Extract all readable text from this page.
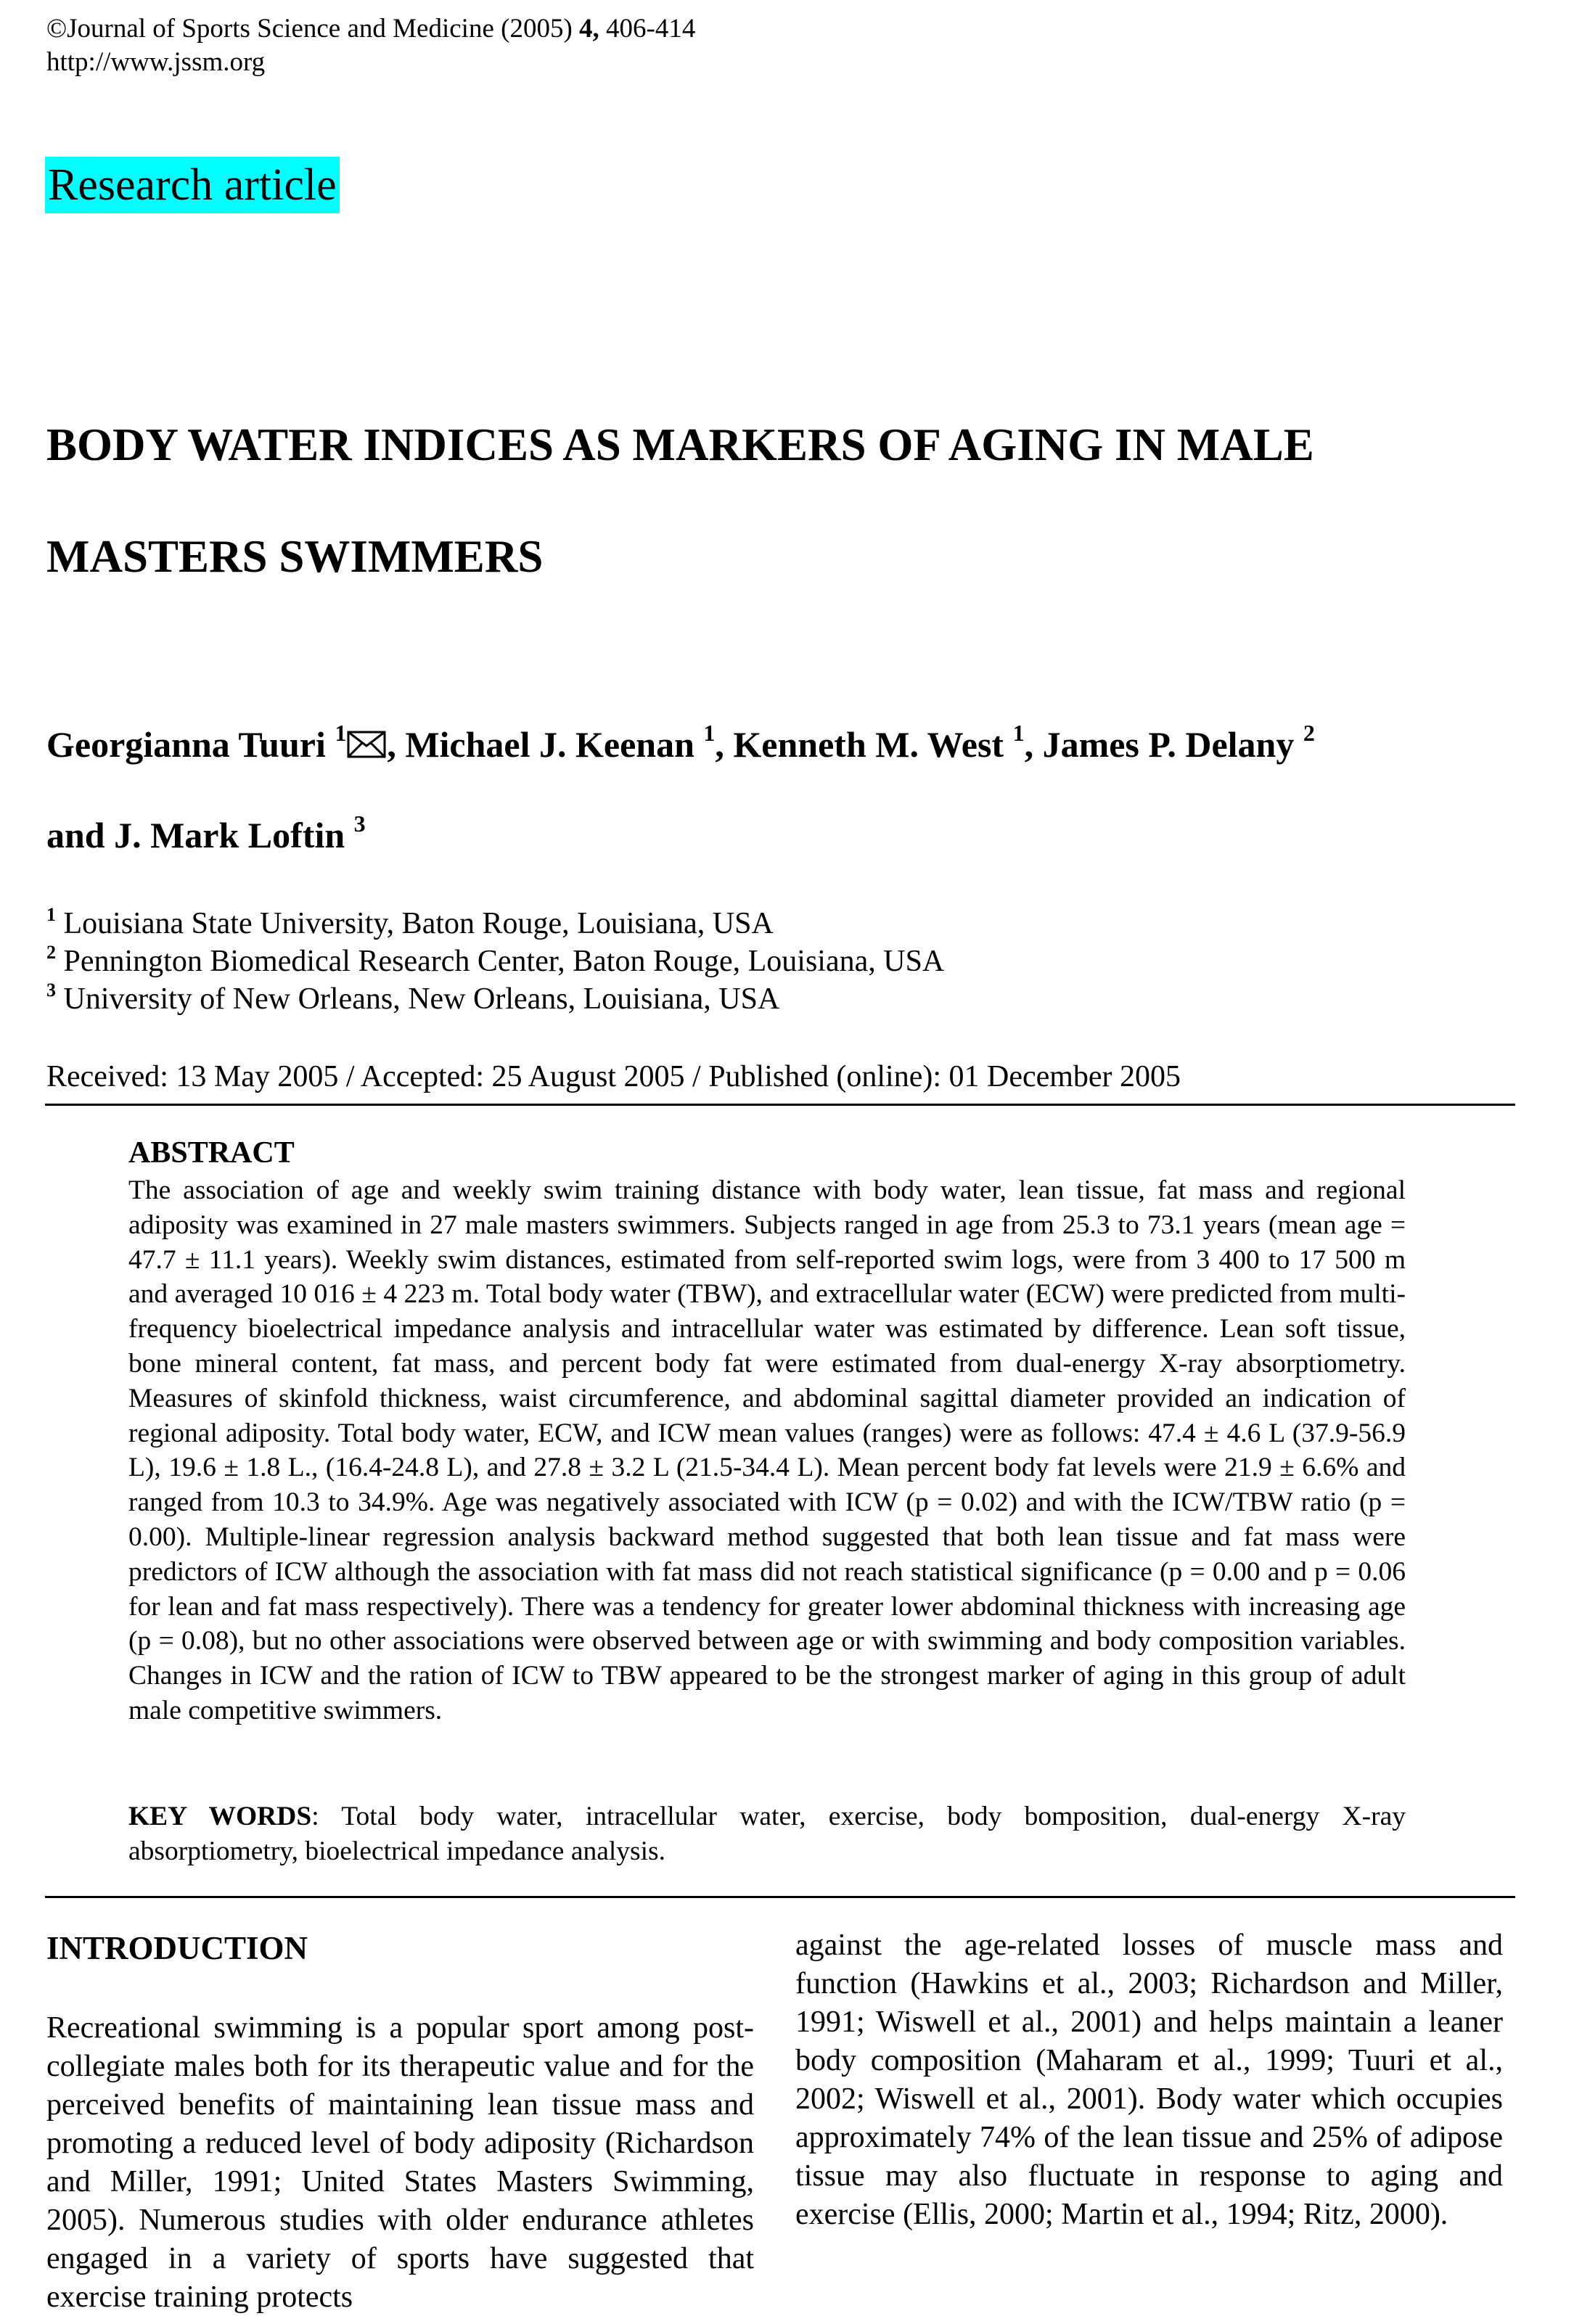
©Journal of Sports Science and Medicine (2005) 4, 406-414
http://www.jssm.org
Research article
BODY WATER INDICES AS MARKERS OF AGING IN MALE
MASTERS SWIMMERS
Georgianna Tuuri $^1$ , Michael J. Keenan $^1$, Kenneth M. West $^1$, James P. Delany $^2$
and J. Mark Loftin $^3$
$^1$ Louisiana State University, Baton Rouge, Louisiana, USA
$^2$ Pennington Biomedical Research Center, Baton Rouge, Louisiana, USA
$^3$ University of New Orleans, New Orleans, Louisiana, USA
Received: 13 May 2005 / Accepted: 25 August 2005 / Published (online): 01 December 2005
ABSTRACT
The association of age and weekly swim training distance with body water, lean tissue, fat mass and regional adiposity was examined in 27 male masters swimmers. Subjects ranged in age from 25.3 to 73.1 years (mean age = 47.7 ± 11.1 years). Weekly swim distances, estimated from self-reported swim logs, were from 3 400 to 17 500 m and averaged 10 016 ± 4 223 m. Total body water (TBW), and extracellular water (ECW) were predicted from multi-frequency bioelectrical impedance analysis and intracellular water was estimated by difference. Lean soft tissue, bone mineral content, fat mass, and percent body fat were estimated from dual-energy X-ray absorptiometry. Measures of skinfold thickness, waist circumference, and abdominal sagittal diameter provided an indication of regional adiposity. Total body water, ECW, and ICW mean values (ranges) were as follows: 47.4 ± 4.6 L (37.9-56.9 L), 19.6 ± 1.8 L., (16.4-24.8 L), and 27.8 ± 3.2 L (21.5-34.4 L). Mean percent body fat levels were 21.9 ± 6.6% and ranged from 10.3 to 34.9%. Age was negatively associated with ICW (p = 0.02) and with the ICW/TBW ratio (p = 0.00). Multiple-linear regression analysis backward method suggested that both lean tissue and fat mass were predictors of ICW although the association with fat mass did not reach statistical significance (p = 0.00 and p = 0.06 for lean and fat mass respectively). There was a tendency for greater lower abdominal thickness with increasing age (p = 0.08), but no other associations were observed between age or with swimming and body composition variables. Changes in ICW and the ration of ICW to TBW appeared to be the strongest marker of aging in this group of adult male competitive swimmers.
KEY WORDS: Total body water, intracellular water, exercise, body bomposition, dual-energy X-ray absorptiometry, bioelectrical impedance analysis.
INTRODUCTION
Recreational swimming is a popular sport among post-collegiate males both for its therapeutic value and for the perceived benefits of maintaining lean tissue mass and promoting a reduced level of body adiposity (Richardson and Miller, 1991; United States Masters Swimming, 2005). Numerous studies with older endurance athletes engaged in a variety of sports have suggested that exercise training protects
against the age-related losses of muscle mass and function (Hawkins et al., 2003; Richardson and Miller, 1991; Wiswell et al., 2001) and helps maintain a leaner body composition (Maharam et al., 1999; Tuuri et al., 2002; Wiswell et al., 2001). Body water which occupies approximately 74% of the lean tissue and 25% of adipose tissue may also fluctuate in response to aging and exercise (Ellis, 2000; Martin et al., 1994; Ritz, 2000).
